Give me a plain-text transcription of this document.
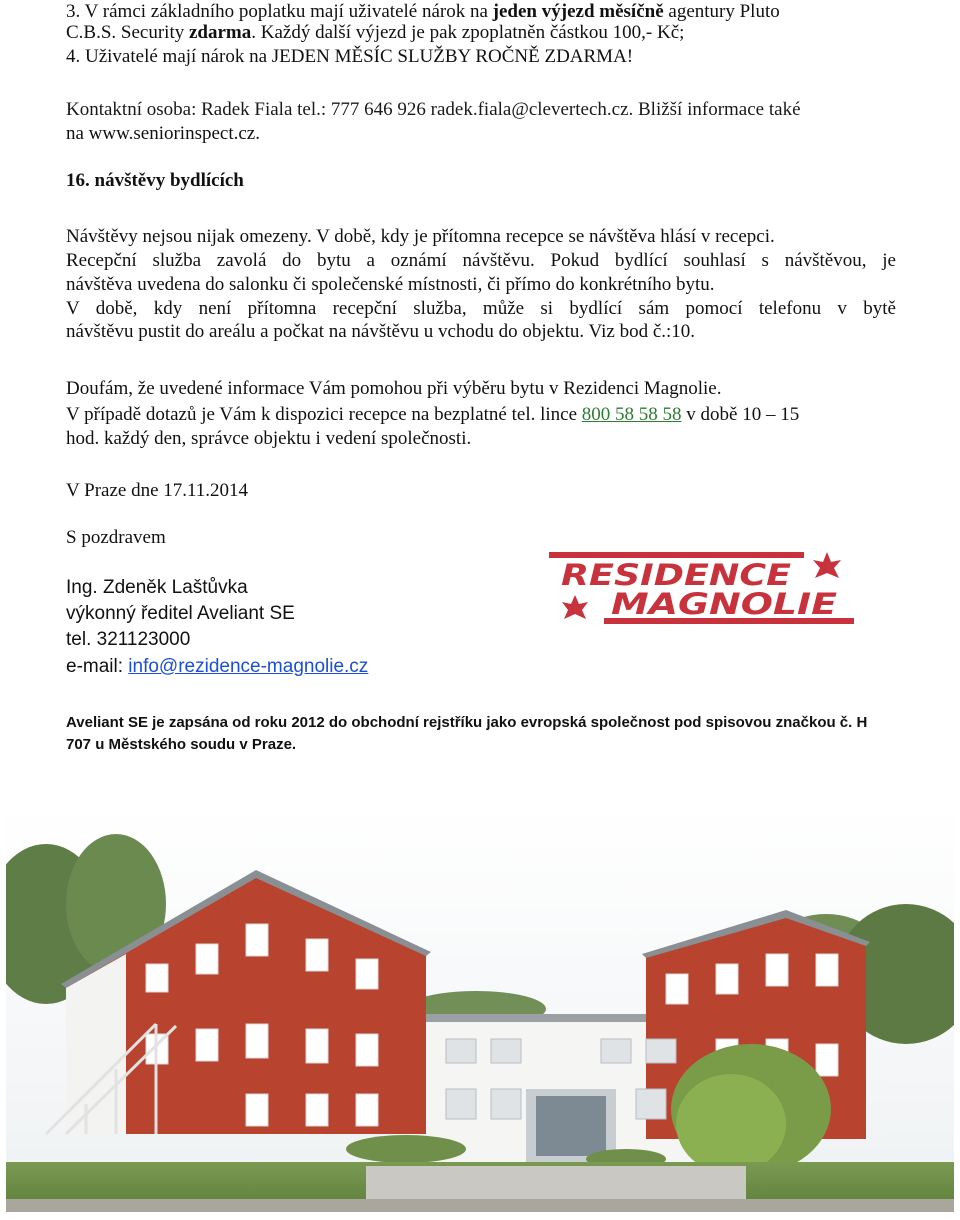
3. V rámci základního poplatku mají uživatelé nárok na jeden výjezd měsíčně agentury Pluto
C.B.S. Security zdarma. Každý další výjezd je pak zpoplatněn částkou 100,- Kč;
4. Uživatelé mají nárok na JEDEN MĚSÍC SLUŽBY ROČNĚ ZDARMA!
Kontaktní osoba: Radek Fiala tel.: 777 646 926 radek.fiala@clevertech.cz. Bližší informace také
na www.seniorinspect.cz.
16. návštěvy bydlících
Návštěvy nejsou nijak omezeny. V době, kdy je přítomna recepce se návštěva hlásí v recepci.
Recepční služba zavolá do bytu a oznámí návštěvu. Pokud bydlící souhlasí s návštěvou, je
návštěva uvedena do salonku či společenské místnosti, či přímo do konkrétního bytu.
V době, kdy není přítomna recepční služba, může si bydlící sám pomocí telefonu v bytě
návštěvu pustit do areálu a počkat na návštěvu u vchodu do objektu. Viz bod č.:10.
Doufám, že uvedené informace Vám pomohou při výběru bytu v Rezidenci Magnolie.
V případě dotazů je Vám k dispozici recepce na bezplatné tel. lince 800 58 58 58 v době 10 – 15
hod. každý den, správce objektu i vedení společnosti.
V Praze dne 17.11.2014
S pozdravem
Ing. Zdeněk Laštůvka
výkonný ředitel Aveliant SE
tel. 321123000
e-mail: info@rezidence-magnolie.cz
RESIDENCE
MAGNOLIE
Aveliant SE je zapsána od roku 2012 do obchodní rejstříku jako evropská společnost pod spisovou značkou č. H 707 u Městského soudu v Praze.
